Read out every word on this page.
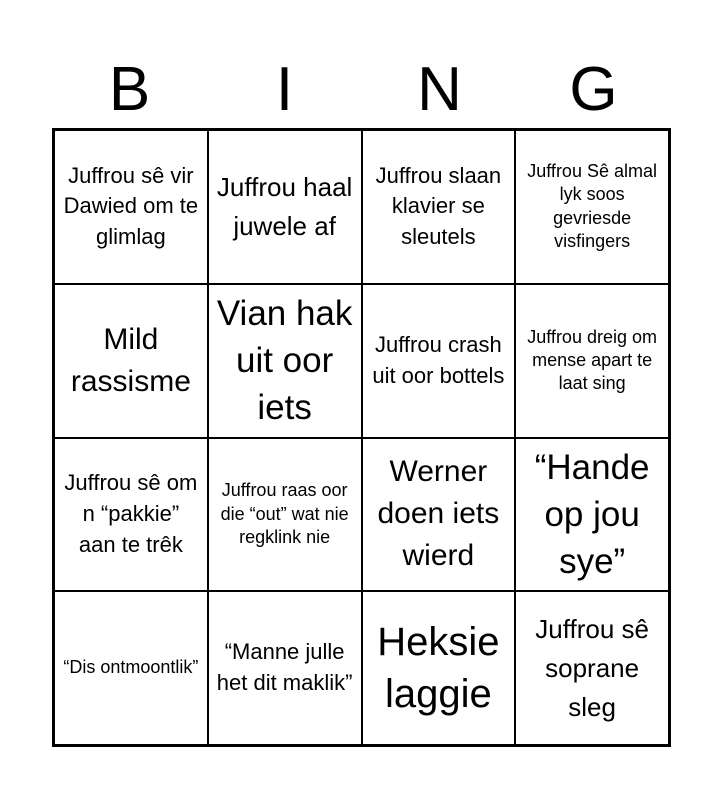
B	I	N	G
Juffrou sê vir Dawied om te glimlag
Juffrou haal juwele af
Juffrou slaan klavier se sleutels
Juffrou Sê almal lyk soos gevriesde visfingers
Mild rassisme
Vian hak uit oor iets
Juffrou crash uit oor bottels
Juffrou dreig om mense apart te laat sing
Juffrou sê om n “pakkie” aan te trêk
Juffrou raas oor die “out” wat nie regklink nie
Werner doen iets wierd
“Hande op jou sye”
“Dis ontmoontlik”
“Manne julle het dit maklik”
Heksie laggie
Juffrou sê soprane sleg
